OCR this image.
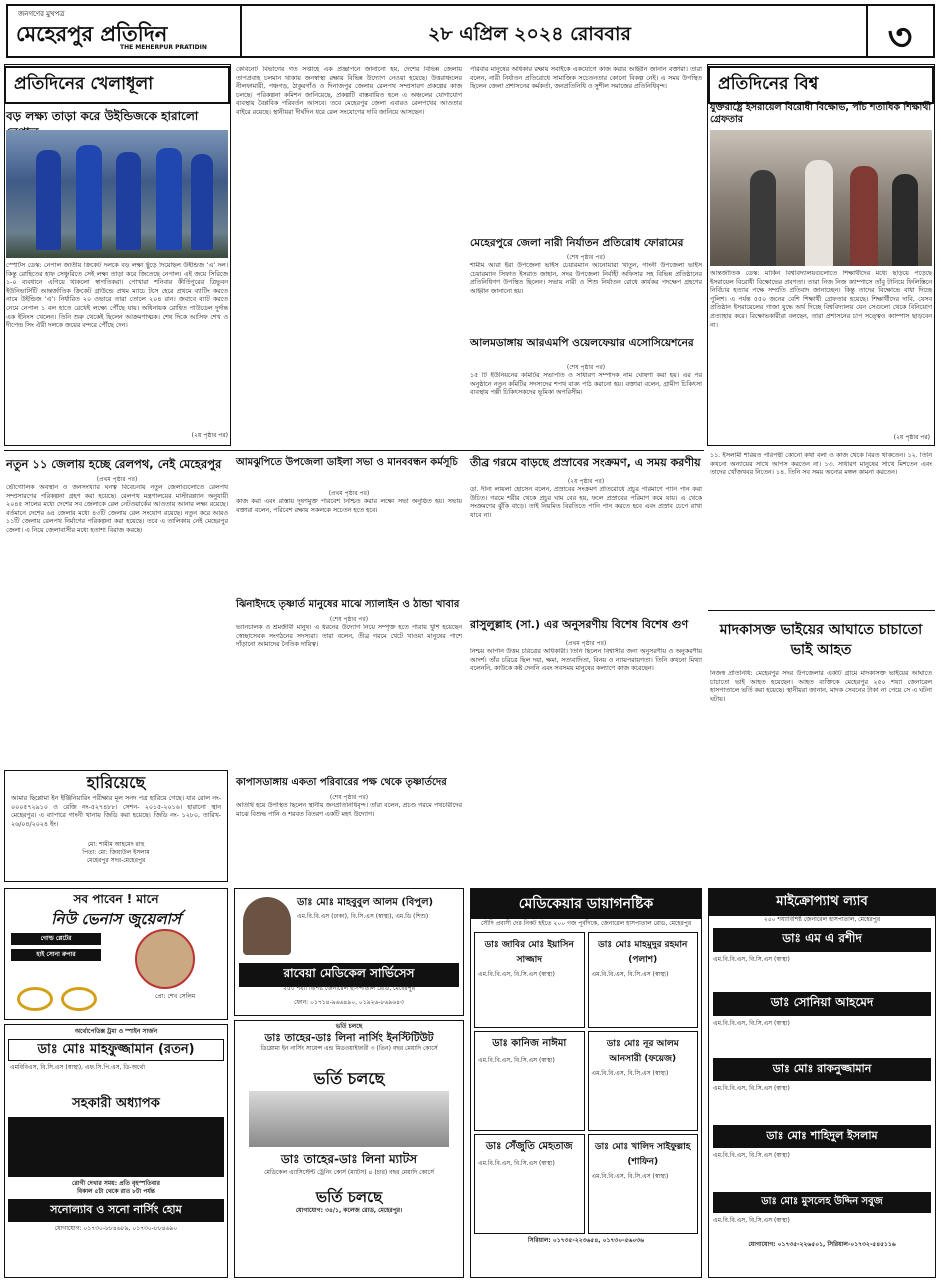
জনগণের মুখপত্র
মেহেরপুর প্রতিদিন
THE MEHERPUR PRATIDIN
২৮ এপ্রিল ২০২৪ রোববার	৩
প্রতিদিনের খেলাধূলা
বড় লক্ষ্য তাড়া করে উইন্ডিজকে হারালো
স্পোর্টস ডেস্ক: নেপাল জাতীয় ক্রিকেট দলকে বড় লক্ষ্য ছুঁড়ে দিয়েছিল উইন্ডিজ ‘এ’ দল। কিন্তু রোহিতের হাফ সেঞ্চুরিতে সেই লক্ষ্য তাড়া করে জিতেছে নেপাল। এই জয়ে সিরিজে ১-০ ব্যবধানে এগিয়ে থাকলো স্বাগতিকরা। পোখারা শনিবার কীর্তিপুরের ত্রিভুবন ইউনিভার্সিটি আন্তর্জাতিক ক্রিকেট গ্রাউন্ডে প্রথম ম্যাচে টসে হেরে প্রথমে ব্যাটিং করতে নামে উইন্ডিজ ‘এ’। নির্ধারিত ২০ ওভারে তারা তোলে ২০৪ রান। জবাবে ব্যাট করতে নেমে নেপাল ১ বল হাতে রেখেই লক্ষ্যে পৌঁছে যায়। অধিনায়ক রোহিত পাউডেল দুর্দান্ত এক ইনিংস খেলেন। তিনি শুরু থেকেই ছিলেন আক্রমণাত্মক। শেষ দিকে আসিফ শেখ ও দীপেন্দ্র সিং ঐরী দলকে জয়ের বন্দরে পৌঁছে দেন।
(২য় পৃষ্ঠার পর)
প্রতিদিনের বিশ্ব
যুক্তরাষ্ট্রে ইসরায়েল বিরোধী বিক্ষোভ, পাঁচ শতাধিক শিক্ষার্থী গ্রেফতার
আন্তর্জাতিক ডেস্ক: মার্কিন বিশ্ববিদ্যালয়গুলোতে শিক্ষার্থীদের মধ্যে ছড়িয়ে পড়েছে ইসরায়েল বিরোধী বিক্ষোভের প্রবণতা। তারা নিজ নিজ ক্যাম্পাসে তাঁবু টানিয়ে ফিলিস্তিনে নির্বিচার হত্যার পক্ষে সম্প্রতি প্রতিবাদ জানাচ্ছেন। কিন্তু তাদের বিক্ষোভে বাধা দিচ্ছে পুলিশ। এ পর্যন্ত ৫৫০ জনের বেশি শিক্ষার্থী গ্রেফতার হয়েছে। শিক্ষার্থীদের দাবি, যেসব প্রতিষ্ঠান ইসরায়েলের গাজা যুদ্ধে অর্থ দিচ্ছে বিশ্ববিদ্যালয় যেন সেগুলো থেকে বিনিয়োগ প্রত্যাহার করে। বিক্ষোভকারীরা বলছেন, তারা প্রশাসনের চাপ সত্ত্বেও ক্যাম্পাস ছাড়বেন না।
(২য় পৃষ্ঠার পর)
কেবিনেট বিভাগের গত সপ্তাহে এক প্রজ্ঞাপনে জানানো হয়, দেশের বিভিন্ন জেলায় তাপপ্রবাহ চলমান থাকায় জনস্বাস্থ্য রক্ষায় বিভিন্ন উদ্যোগ নেওয়া হয়েছে। উত্তরাঞ্চলের নীলফামারী, পঞ্চগড়, ঠাকুরগাঁও ও দিনাজপুর জেলায় রেলপথ সম্প্রসারণ প্রকল্পের কাজ চলছে। পরিকল্পনা কমিশন জানিয়েছে, প্রকল্পটি বাস্তবায়িত হলে এ অঞ্চলের যোগাযোগ ব্যবস্থায় বৈপ্লবিক পরিবর্তন আসবে। তবে মেহেরপুর জেলা এবারও রেলপথের আওতার বাইরে রয়েছে। স্থানীয়রা দীর্ঘদিন ধরে রেল সংযোগের দাবি জানিয়ে আসছেন।
পরিবার মানুষের অধিকার রক্ষায় সবাইকে একযোগে কাজ করার আহ্বান জানান বক্তারা। তারা বলেন, নারী নির্যাতন প্রতিরোধে সামাজিক সচেতনতার কোনো বিকল্প নেই। এ সময় উপস্থিত ছিলেন জেলা প্রশাসনের কর্মকর্তা, জনপ্রতিনিধি ও সুশীল সমাজের প্রতিনিধিবৃন্দ।
মেহেরপুরে জেলা নারী নির্যাতন প্রতিরোধ ফোরামের
(শেষ পৃষ্ঠার পর)
শামীম আরা ইরা উপজেলা ভাইস চেয়ারম্যান আনোয়ারা খাতুন, গাংনী উপজেলা ভাইস চেয়ারম্যান সিফাত ইসরাত জাহান, সদর উপজেলা নির্বাহী অফিসার সহ বিভিন্ন প্রতিষ্ঠানের প্রতিনিধিগণ উপস্থিত ছিলেন। সভায় নারী ও শিশু নির্যাতন রোধে কার্যকর পদক্ষেপ গ্রহণের আহ্বান জানানো হয়।
আলমডাঙ্গায় আরএমপি ওয়েলফেয়ার এসোসিয়েশনের
(শেষ পৃষ্ঠার পর)
১৫ টি ইউনিয়নের কমিটির সভাপতি ও সাধারণ সম্পাদক নাম ঘোষণা করা হয়। এর পর অনুষ্ঠানে নতুন কমিটির সদস্যদের শপথ বাক্য পাঠ করানো হয়। বক্তারা বলেন, গ্রামীণ চিকিৎসা ব্যবস্থায় পল্লী চিকিৎসকদের ভূমিকা অপরিসীম।
নতুন ১১ জেলায় হচ্ছে রেলপথ, নেই মেহেরপুর
(প্রথম পৃষ্ঠার পর)
ভৌগোলিক অবস্থান ও জনসংখ্যার ঘনত্ব বিবেচনায় নতুন জেলাগুলোতে রেলপথ সম্প্রসারণের পরিকল্পনা গ্রহণ করা হয়েছে। রেলপথ মন্ত্রণালয়ের মাস্টারপ্ল্যান অনুযায়ী ২০৪৫ সালের মধ্যে দেশের সব জেলাকে রেল নেটওয়ার্কের আওতায় আনার লক্ষ্য রয়েছে। বর্তমানে দেশের ৬৪ জেলার মধ্যে ৪৩টি জেলায় রেল সংযোগ রয়েছে। নতুন করে আরও ১১টি জেলায় রেলপথ নির্মাণের পরিকল্পনা করা হয়েছে। তবে এ তালিকায় নেই মেহেরপুর জেলা। এ নিয়ে জেলাবাসীর মধ্যে হতাশা বিরাজ করছে।
আমঝুপিতে উপজেলা ডাইলা সভা ও মানববন্ধন কর্মসূচি
(প্রথম পৃষ্ঠার পর)
কাজ করা এবং রাস্তায় দূষণমুক্ত পরিবেশ নিশ্চিত করার লক্ষ্যে সভা অনুষ্ঠিত হয়। সভায় বক্তারা বলেন, পরিবেশ রক্ষায় সকলকে সচেতন হতে হবে।
ঝিনাইদহে তৃষ্ণার্ত মানুষের মাঝে স্যালাইন ও ঠান্ডা খাবার
(শেষ পৃষ্ঠার পর)
ভ্যানচালক ও শ্রমজীবী মানুষ। এ ধরনের উদ্যোগ নিয়ে সম্পৃক্ত হতে পারায় খুশি হয়েছেন স্বেচ্ছাসেবক সংগঠনের সদস্যরা। তারা বলেন, তীব্র গরমে খেটে খাওয়া মানুষের পাশে দাঁড়ানো আমাদের নৈতিক দায়িত্ব।
কাপাসডাঙ্গায় একতা পরিবারের পক্ষ থেকে তৃষ্ণার্তদের
(শেষ পৃষ্ঠার পর)
অতিথি হয়ে উপস্থিত ছিলেন স্থানীয় জনপ্রতিনিধিবৃন্দ। তাঁরা বলেন, প্রচণ্ড গরমে পথচারীদের মাঝে বিশুদ্ধ পানি ও শরবত বিতরণ একটি মহৎ উদ্যোগ।
তীব্র গরমে বাড়ছে প্রস্রাবের সংক্রমণ, এ সময় করণীয়
(২য় পৃষ্ঠার পর)
ডা. দীনা লায়লা হোসেন বলেন, প্রস্রাবের সংক্রমণ প্রতিরোধে প্রচুর পরিমাণে পানি পান করা উচিত। গরমে শরীর থেকে প্রচুর ঘাম বের হয়, ফলে প্রস্রাবের পরিমাণ কমে যায়। এ থেকে সংক্রমণের ঝুঁকি বাড়ে। তাই নিয়মিত বিরতিতে পানি পান করতে হবে এবং প্রস্রাব চেপে রাখা যাবে না।
রাসুলুল্লাহ (সা.) এর অনুসরণীয় বিশেষ বিশেষ গুণ
(প্রথম পৃষ্ঠার পর)
নিশ্চয় আপনি উত্তম চরিত্রের অধিকারী। তিনি ছিলেন বিশ্বাসীর জন্য অনুসরণীয় ও অনুকরণীয় আদর্শ। তাঁর চরিত্রে ছিল দয়া, ক্ষমা, সত্যবাদিতা, বিনয় ও ন্যায়পরায়ণতা। তিনি কখনো মিথ্যা বলেননি, কাউকে কষ্ট দেননি এবং সবসময় মানুষের কল্যাণে কাজ করেছেন।
১১. ইসলামী শরিয়ত পরিপন্থী কোনো কথা বলা ও কাজ থেকে বিরত থাকতেন। ১২. তিনি কখনো অন্যায়ের সাথে আপস করতেন না। ১৩. সাধারণ মানুষের সাথে মিশতেন এবং তাদের খোঁজখবর নিতেন। ১৪. তিনি সব সময় অন্যের মঙ্গল কামনা করতেন।
মাদকাসক্ত ভাইয়ের আঘাতে চাচাতো ভাই আহত
নিজস্ব প্রতিনিধি: মেহেরপুর সদর উপজেলার একটি গ্রামে মাদকাসক্ত ভাইয়ের আঘাতে চাচাতো ভাই আহত হয়েছেন। আহত ব্যক্তিকে মেহেরপুর ২৫০ শয্যা জেনারেল হাসপাতালে ভর্তি করা হয়েছে। স্থানীয়রা জানান, মাদক সেবনের টাকা না পেয়ে সে এ ঘটনা ঘটায়।
হারিয়েছে
আমার ছিপ্লোমা ইন ইঞ্জিনিয়ারিং পরীক্ষার মূল সনদ পত্র হারিয়ে গেছে। যার রোল নং- ০০০৫৭২৯১০ ও রেজি নং-৫২৭৪৮৮। সেশন- ২০১৫-২০১৬। হারানো স্থান মেহেরপুর। এ ব্যাপারে গাংনী থানায় জিডি করা হয়েছে। জিডি নং- ১২৮০, তারিখ- ২৬/০৪/২০২৪ ইং।
মো: শামীম আহমেদ রাহু
পিতা: মো: জিয়াউল ইসলাম
মেহেরপুর সদর-মেহেরপুর
সব পাবেন ! মানে
নিউ ভেনাস জুয়েলার্স
গোল্ড প্লেটের
হাই সোনা রুপার
প্রো: শেখ সেলিম
অর্থোপেডিক্স ট্রমা ও স্পাইন সার্জন
ডাঃ মোঃ মাহফুজ্জামান (রতন)
এমবিবিএস, বি.সি.এস (স্বাস্থ্য), এফ.সি.পি.এস, ডি-অর্থো
সহকারী অধ্যাপক
রোগী দেখার সময়: প্রতি বৃহস্পতিবার
বিকাল ৫টা থেকে রাত ৮টা পর্যন্ত
সনোল্যাব ও সনো নার্সিং হোম
যোগাযোগ: ০১৭৩০-৮৮৪৬৮৯, ০১৭৩০-৮৮৪৬৯০
ডাঃ মোঃ মাহবুবুল আলম (বিপুল)
এম.বি.বি.এস (ঢাকা), বি.সি.এস (স্বাস্থ্য), এম.ডি (শিশু)
রাবেয়া মেডিকেল সার্ভিসেস
২৫০ শয্যা বিশিষ্ট জেনারেল হাসপাতাল রোড, মেহেরপুর
ফোন: ০১৭১৪-৯৬৬৪৯০, ০১৯২৬-৮৬৯৬৪৩
ভর্তি চলছে
ডাঃ তাহের-ডাঃ লিনা নার্সিং ইনস্টিটিউট
ডিপ্লোমা ইন নার্সিং সায়েন্স এন্ড মিডওয়াইফারী ৩ (তিন) বছর মেয়াদি কোর্সে
ভর্তি চলছে
ডাঃ তাহের-ডাঃ লিনা ম্যাটস
মেডিকেল এ্যাসিস্টেন্ট ট্রেনিং কোর্স (ম্যাটস) ৪ (চার) বছর মেয়াদি কোর্সে
ভর্তি চলছে
যোগাযোগ: ৩৪/১, কলেজ রোড, মেহেরপুর।
মেডিকেয়ার ডায়াগনষ্টিক
সৌদি প্রবাসী দের নিকট হইতে ২০০ গজ পূর্বদিকে, জেনারেল হাসপাতাল রোড, মেহেরপুর
ডাঃ জাবির মোঃ ইয়াসিন সাজ্জাদ
এম.বি.বি.এস, বি.সি.এস (স্বাস্থ্য)
ডাঃ মোঃ মাহমুদুর রহমান (পলাশ)
এম.বি.বি.এস, বি.সি.এস (স্বাস্থ্য)
ডাঃ কানিজ নাঈমা
এম.বি.বি.এস, বি.সি.এস (স্বাস্থ্য)
ডাঃ মোঃ নূর আলম আনসারী (ফয়েজ)
এম.বি.বি.এস, বি.সি.এস (স্বাস্থ্য)
ডাঃ সেঁজুতি মেহতাজ
এম.বি.বি.এস, বি.সি.এস (স্বাস্থ্য)
ডাঃ মোঃ খালিদ সাইফুল্লাহ (শাফিন)
এম.বি.বি.এস, বি.সি.এস (স্বাস্থ্য)
সিরিয়াল: ০১৭৩৫-২২৩৬৫৪, ০১৭৩০-৫৬০৩৬
মাইক্রোপ্যাথ ল্যাব
২৫০ শয্যাবিশিষ্ট জেনারেল হাসপাতাল, মেহেরপুর
ডাঃ এম এ রশীদ
এম.বি.বি.এস, বি.সি.এস (স্বাস্থ্য)
ডাঃ সোনিয়া আহমেদ
এম.বি.বি.এস, বি.সি.এস (স্বাস্থ্য)
ডাঃ মোঃ রাকনুজ্জামান
এম.বি.বি.এস, বি.সি.এস (স্বাস্থ্য)
ডাঃ মোঃ শাহিদুল ইসলাম
এম.বি.বি.এস, বি.সি.এস (স্বাস্থ্য)
ডাঃ মোঃ মুসলেহ উদ্দিন সবুজ
এম.বি.বি.এস, বি.সি.এস (স্বাস্থ্য)
যোগাযোগ: ০১৭৩৫-২২৬৫০১, সিরিয়াল-০১৭৩২-৫৪৫১১৬
